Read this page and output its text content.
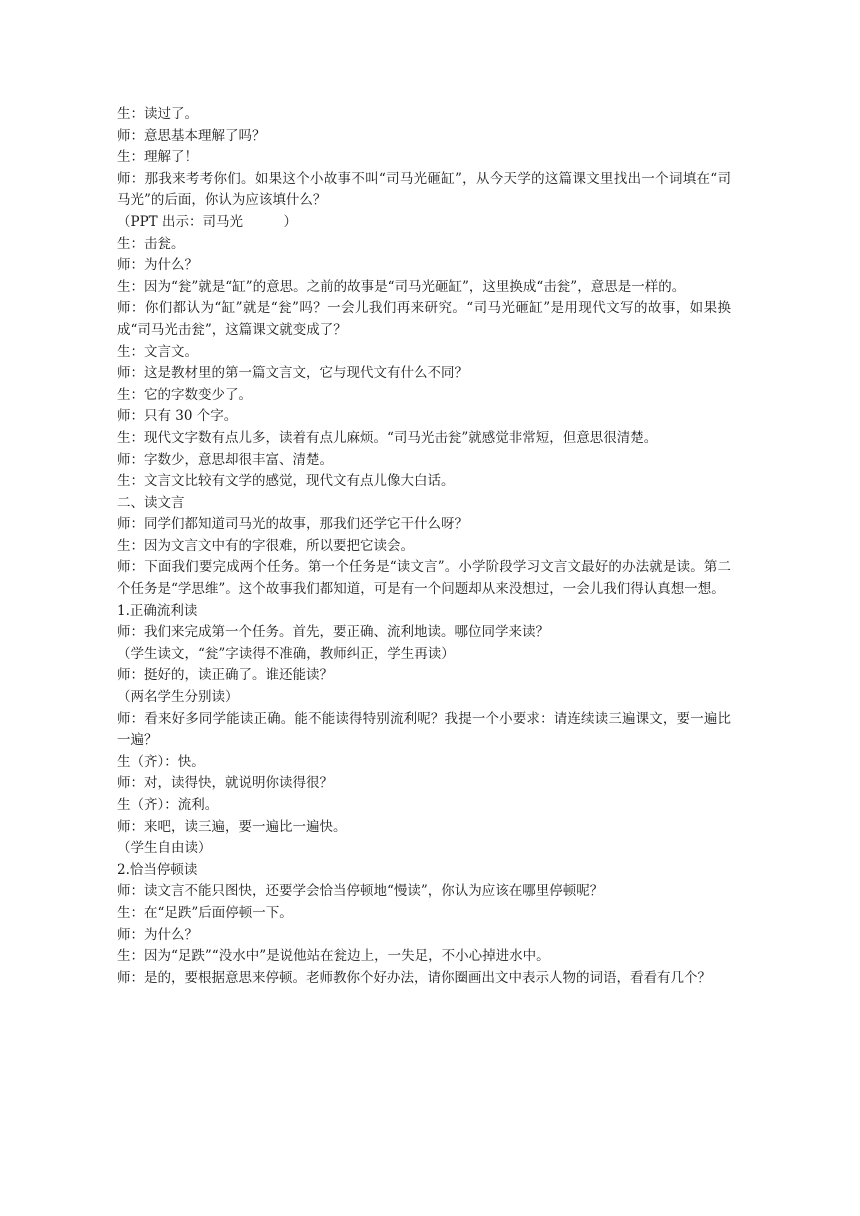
生：读过了。

师：意思基本理解了吗？

生：理解了！

师：那我来考考你们。如果这个小故事不叫“司马光砸缸”，从今天学的这篇课文里找出一个词填在“司马光”的后面，你认为应该填什么？

（PPT 出示：司马光　　　）

生：击瓮。

师：为什么？

生：因为“瓮”就是“缸”的意思。之前的故事是“司马光砸缸”，这里换成“击瓮”，意思是一样的。

师：你们都认为“缸”就是“瓮”吗？一会儿我们再来研究。“司马光砸缸”是用现代文写的故事，如果换成“司马光击瓮”，这篇课文就变成了？

生：文言文。

师：这是教材里的第一篇文言文，它与现代文有什么不同？

生：它的字数变少了。

师：只有 30 个字。

生：现代文字数有点儿多，读着有点儿麻烦。“司马光击瓮”就感觉非常短，但意思很清楚。

师：字数少，意思却很丰富、清楚。

生：文言文比较有文学的感觉，现代文有点儿像大白话。

二、读文言

师：同学们都知道司马光的故事，那我们还学它干什么呀？

生：因为文言文中有的字很难，所以要把它读会。

师：下面我们要完成两个任务。第一个任务是“读文言”。小学阶段学习文言文最好的办法就是读。第二个任务是“学思维”。这个故事我们都知道，可是有一个问题却从来没想过，一会儿我们得认真想一想。

1.正确流利读

师：我们来完成第一个任务。首先，要正确、流利地读。哪位同学来读？

（学生读文，“瓮”字读得不准确，教师纠正，学生再读）

师：挺好的，读正确了。谁还能读？

（两名学生分别读）

师：看来好多同学能读正确。能不能读得特别流利呢？我提一个小要求：请连续读三遍课文，要一遍比一遍？

生（齐）：快。

师：对，读得快，就说明你读得很？

生（齐）：流利。

师：来吧，读三遍，要一遍比一遍快。

（学生自由读）

2.恰当停顿读

师：读文言不能只图快，还要学会恰当停顿地“慢读”，你认为应该在哪里停顿呢？

生：在“足跌”后面停顿一下。

师：为什么？

生：因为“足跌”“没水中”是说他站在瓮边上，一失足，不小心掉进水中。

师：是的，要根据意思来停顿。老师教你个好办法，请你圈画出文中表示人物的词语，看看有几个？
